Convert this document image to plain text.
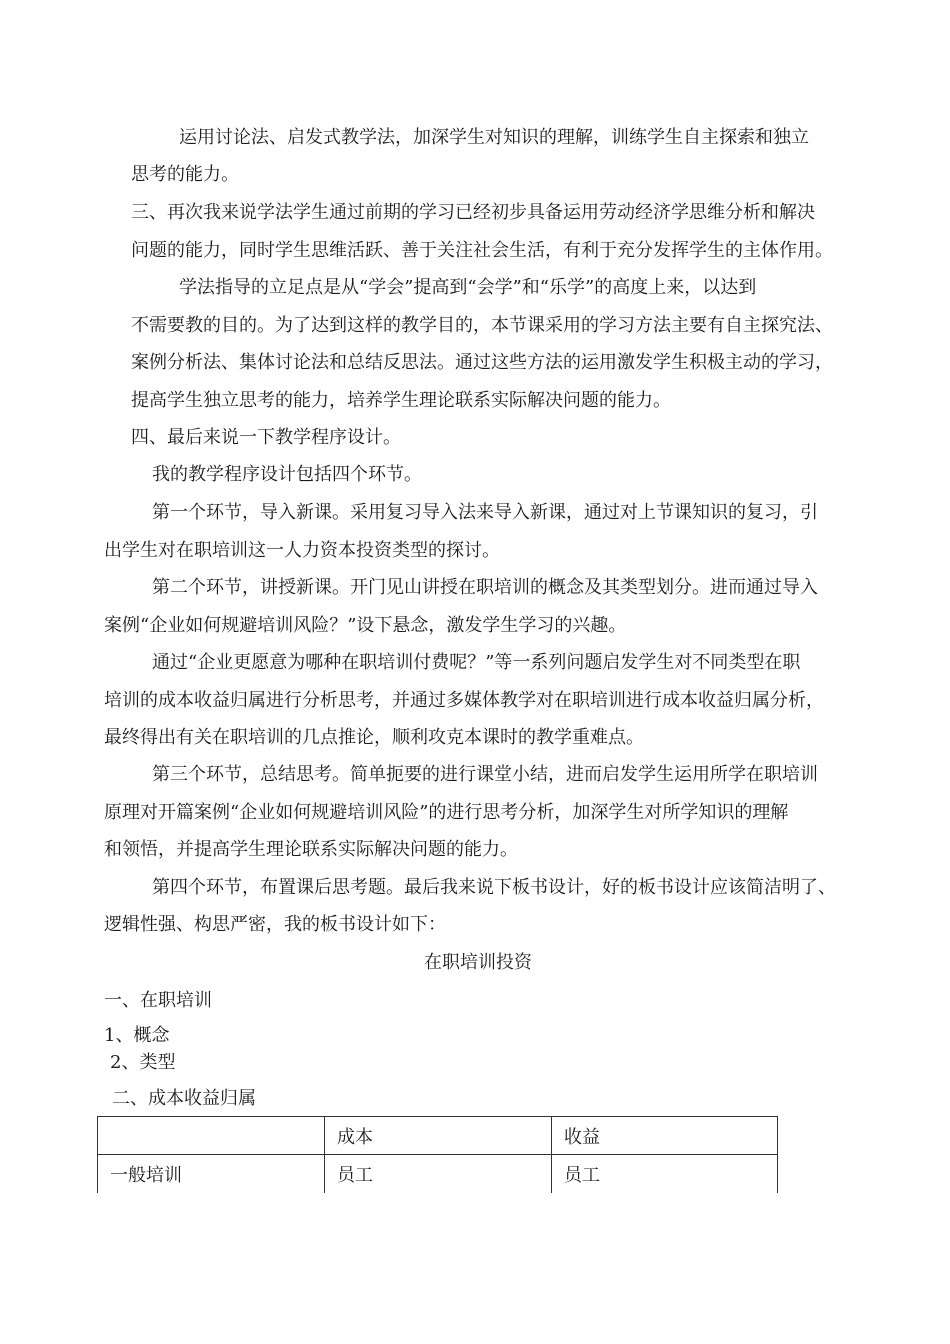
运用讨论法、启发式教学法，加深学生对知识的理解，训练学生自主探索和独立

思考的能力。

三、再次我来说学法学生通过前期的学习已经初步具备运用劳动经济学思维分析和解决

问题的能力，同时学生思维活跃、善于关注社会生活，有利于充分发挥学生的主体作用。

学法指导的立足点是从“学会”提高到“会学”和“乐学”的高度上来，以达到

不需要教的目的。为了达到这样的教学目的，本节课采用的学习方法主要有自主探究法、

案例分析法、集体讨论法和总结反思法。通过这些方法的运用激发学生积极主动的学习，

提高学生独立思考的能力，培养学生理论联系实际解决问题的能力。

四、最后来说一下教学程序设计。

我的教学程序设计包括四个环节。

第一个环节，导入新课。采用复习导入法来导入新课，通过对上节课知识的复习，引

出学生对在职培训这一人力资本投资类型的探讨。

第二个环节，讲授新课。开门见山讲授在职培训的概念及其类型划分。进而通过导入

案例“企业如何规避培训风险？”设下悬念，激发学生学习的兴趣。

通过“企业更愿意为哪种在职培训付费呢？”等一系列问题启发学生对不同类型在职

培训的成本收益归属进行分析思考，并通过多媒体教学对在职培训进行成本收益归属分析，

最终得出有关在职培训的几点推论，顺利攻克本课时的教学重难点。

第三个环节，总结思考。简单扼要的进行课堂小结，进而启发学生运用所学在职培训

原理对开篇案例“企业如何规避培训风险”的进行思考分析，加深学生对所学知识的理解

和领悟，并提高学生理论联系实际解决问题的能力。

第四个环节，布置课后思考题。最后我来说下板书设计，好的板书设计应该简洁明了、

逻辑性强、构思严密，我的板书设计如下：

在职培训投资

一、在职培训

1、概念

2、类型

二、成本收益归属

	成本	收益
一般培训	员工	员工
